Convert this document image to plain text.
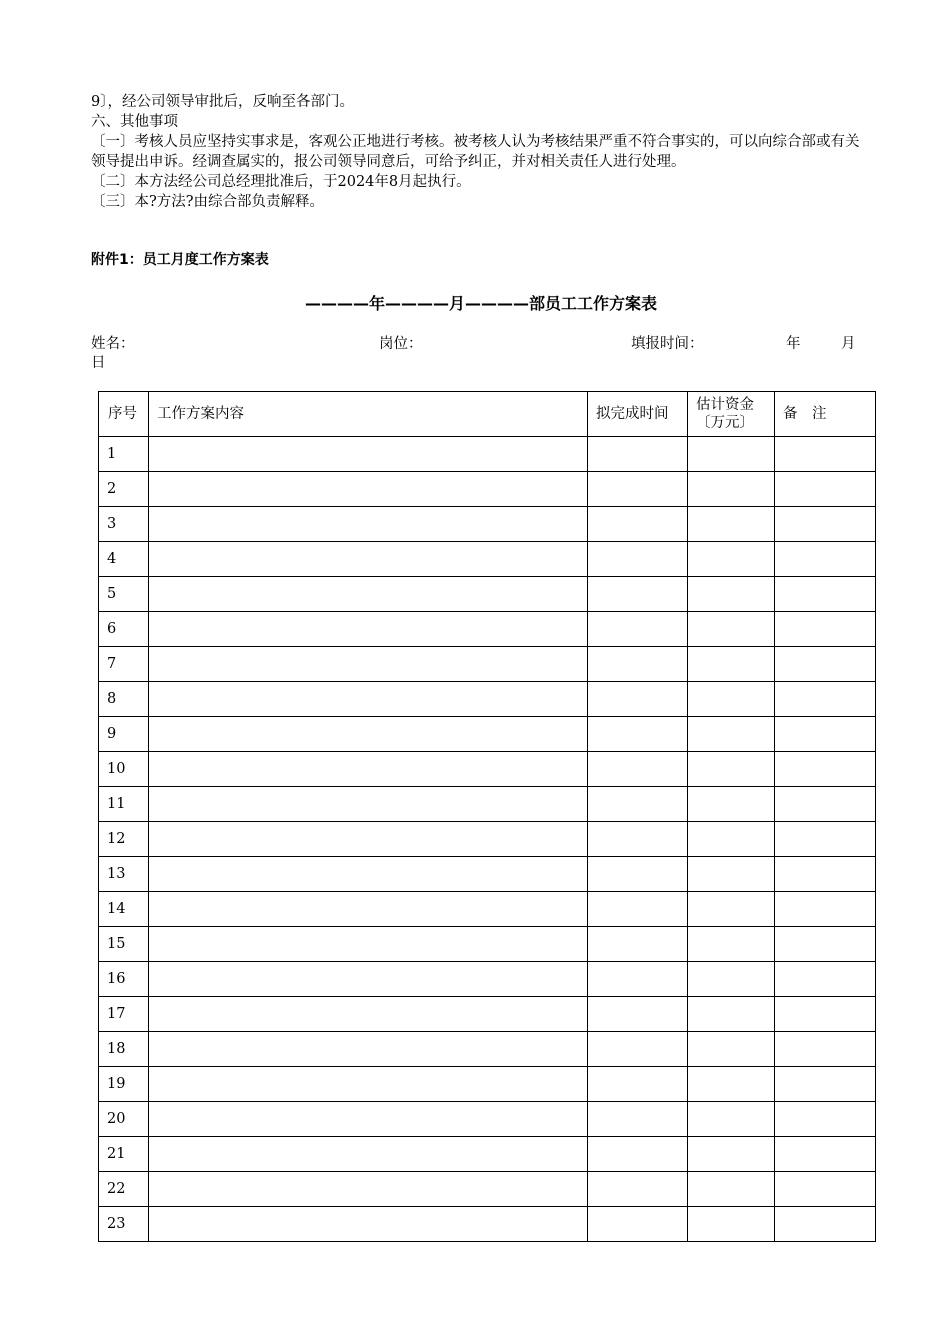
9〕，经公司领导审批后，反响至各部门。

六、其他事项

〔一〕考核人员应坚持实事求是，客观公正地进行考核。被考核人认为考核结果严重不符合事实的，可以向综合部或有关领导提出申诉。经调查属实的，报公司领导同意后，可给予纠正，并对相关责任人进行处理。

〔二〕本方法经公司总经理批准后，于2024年8月起执行。

〔三〕本?方法?由综合部负责解释。

附件1：员工月度工作方案表
————年————月————部员工工作方案表
姓名：	岗位：	填报时间：	年	月
日
序号	工作方案内容	拟完成时间	估计资金〔万元〕	备　注
1				
2				
3				
4				
5				
6				
7				
8				
9				
10				
11				
12				
13				
14				
15				
16				
17				
18				
19				
20				
21				
22				
23				
